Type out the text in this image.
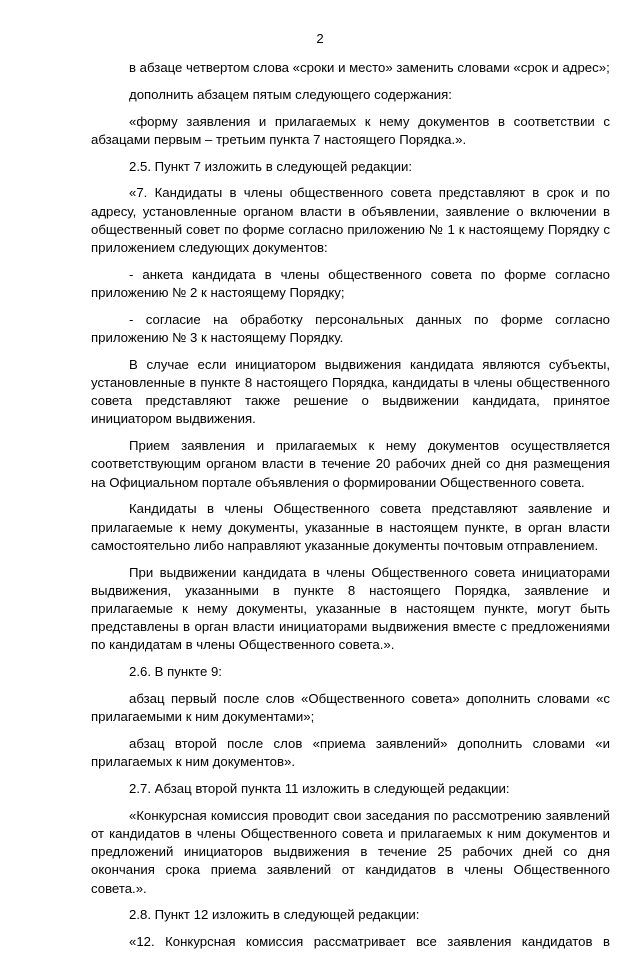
2

в абзаце четвертом слова «сроки и место» заменить словами «срок и адрес»;

дополнить абзацем пятым следующего содержания:

«форму заявления и прилагаемых к нему документов в соответствии с абзацами первым – третьим пункта 7 настоящего Порядка.».

2.5. Пункт 7 изложить в следующей редакции:

«7. Кандидаты в члены общественного совета представляют в срок и по адресу, установленные органом власти в объявлении, заявление о включении в общественный совет по форме согласно приложению № 1 к настоящему Порядку с приложением следующих документов:

- анкета кандидата в члены общественного совета по форме согласно приложению № 2 к настоящему Порядку;

- согласие на обработку персональных данных по форме согласно приложению № 3 к настоящему Порядку.

В случае если инициатором выдвижения кандидата являются субъекты, установленные в пункте 8 настоящего Порядка, кандидаты в члены общественного совета представляют также решение о выдвижении кандидата, принятое инициатором выдвижения.

Прием заявления и прилагаемых к нему документов осуществляется соответствующим органом власти в течение 20 рабочих дней со дня размещения на Официальном портале объявления о формировании Общественного совета.

Кандидаты в члены Общественного совета представляют заявление и прилагаемые к нему документы, указанные в настоящем пункте, в орган власти самостоятельно либо направляют указанные документы почтовым отправлением.

При выдвижении кандидата в члены Общественного совета инициаторами выдвижения, указанными в пункте 8 настоящего Порядка, заявление и прилагаемые к нему документы, указанные в настоящем пункте, могут быть представлены в орган власти инициаторами выдвижения вместе с предложениями по кандидатам в члены Общественного совета.».

2.6. В пункте 9:

абзац первый после слов «Общественного совета» дополнить словами «с прилагаемыми к ним документами»;

абзац второй после слов «приема заявлений» дополнить словами «и прилагаемых к ним документов».

2.7. Абзац второй пункта 11 изложить в следующей редакции:

«Конкурсная комиссия проводит свои заседания по рассмотрению заявлений от кандидатов в члены Общественного совета и прилагаемых к ним документов и предложений инициаторов выдвижения в течение 25 рабочих дней со дня окончания срока приема заявлений от кандидатов в члены Общественного совета.».

2.8. Пункт 12 изложить в следующей редакции:

«12. Конкурсная комиссия рассматривает все заявления кандидатов в
